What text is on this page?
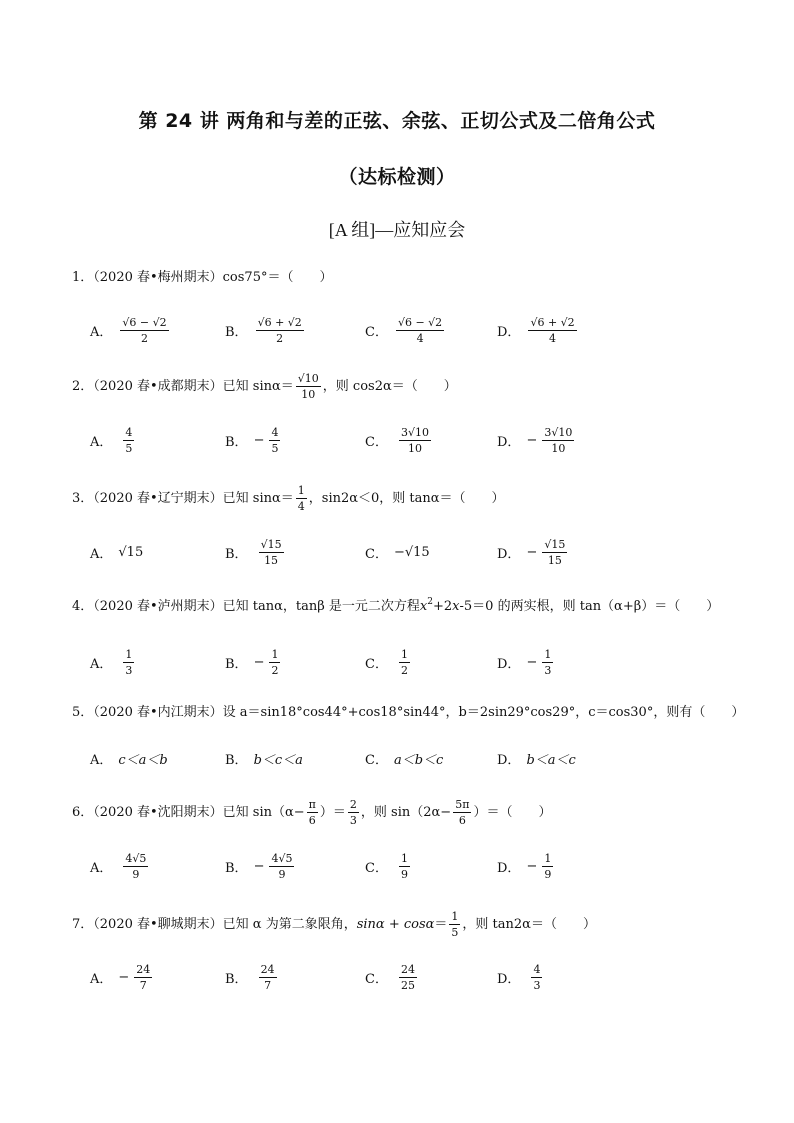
第 24 讲 两角和与差的正弦、余弦、正切公式及二倍角公式
（达标检测）
[A 组]—应知应会
1．（2020 春•梅州期末）cos75°＝（　　）
A． $\frac{√6 - √2}{2}$	B． $\frac{√6 + √2}{2}$	C． $\frac{√6 - √2}{4}$	D． $\frac{√6 + √2}{4}$
2．（2020 春•成都期末）已知 $\sin\alpha= \frac{√10}{10}$ ，则 cos2α＝（　　）
A． $\frac{4}{5}$	B． − $\frac{4}{5}$	C． $\frac{3√10}{10}$	D． − $\frac{3√10}{10}$
3．（2020 春•辽宁期末）已知 $\sin\alpha= \frac{1}{4}$ ，sin2α＜0，则 tanα＝（　　）
A． √15	B． $\frac{√15}{15}$	C． −√15	D． − $\frac{√15}{15}$
4．（2020 春•泸州期末）已知 tanα，tanβ 是一元二次方程 x 2 +2 x -5＝0 的两实根，则 tan（α+β）＝（　　）
A． $\frac{1}{3}$	B． − $\frac{1}{2}$	C． $\frac{1}{2}$	D． − $\frac{1}{3}$
5．（2020 春•内江期末）设 a＝sin18°cos44°+cos18°sin44°，b＝2sin29°cos29°，c＝cos30°，则有（　　）
A． c＜a＜b	B． b＜c＜a	C． a＜b＜c	D． b＜a＜c
6．（2020 春•沈阳期末）已知 $\sin(\alpha- \frac{\pi}{6}$ ）＝ $\frac{2}{3}$ ，则 $\sin(2\alpha- \frac{5\pi}{6}$ ）＝（　　）
A． $\frac{4√5}{9}$	B． − $\frac{4√5}{9}$	C． $\frac{1}{9}$	D． − $\frac{1}{9}$
7．（2020 春•聊城期末）已知 α 为第二象限角， $\sin\alpha + \cos\alpha = \frac{1}{5}$ ，则 tan2α＝（　　）
A． − $\frac{24}{7}$	B． $\frac{24}{7}$	C． $\frac{24}{25}$	D． $\frac{4}{3}$
